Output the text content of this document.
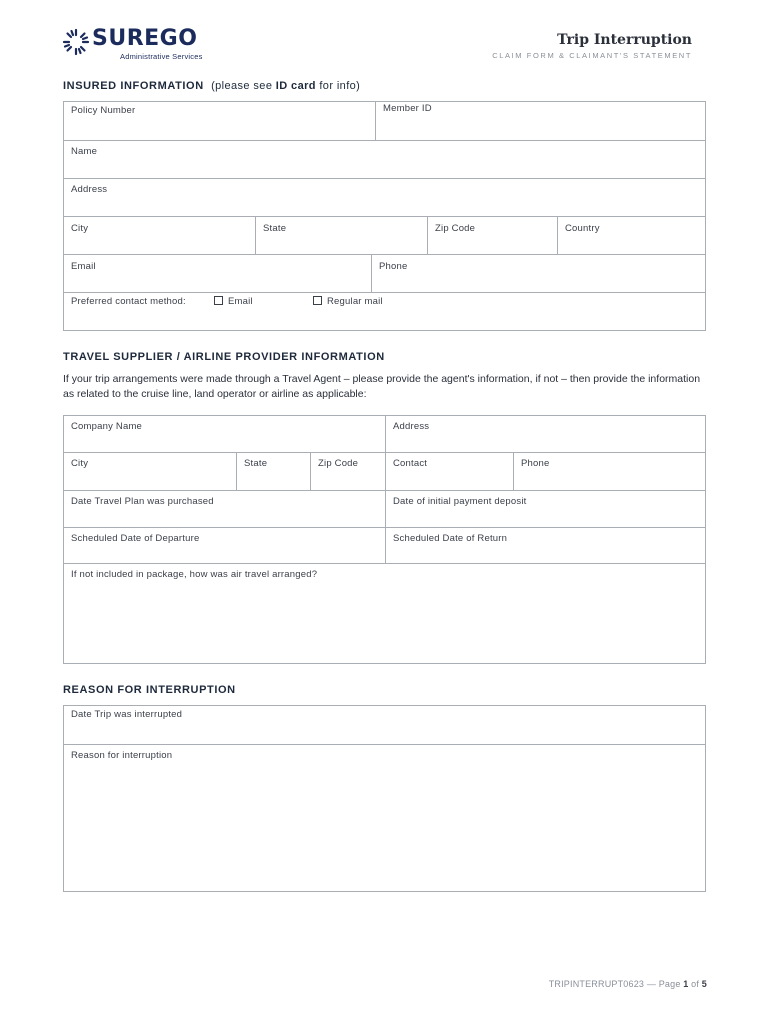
SUREGO
Administrative Services
Trip Interruption
CLAIM FORM & CLAIMANT'S STATEMENT
INSURED INFORMATION (please see ID card for info)
Policy Number	Member ID
Name
Address
City	State	Zip Code	Country
Email	Phone
Preferred contact method:	Email	Regular mail
TRAVEL SUPPLIER / AIRLINE PROVIDER INFORMATION
If your trip arrangements were made through a Travel Agent – please provide the agent's information, if not – then provide the information as related to the cruise line, land operator or airline as applicable:
Company Name	Address
City	State	Zip Code	Contact	Phone
Date Travel Plan was purchased	Date of initial payment deposit
Scheduled Date of Departure	Scheduled Date of Return
If not included in package, how was air travel arranged?
REASON FOR INTERRUPTION
Date Trip was interrupted
Reason for interruption
TRIPINTERRUPT0623 — Page 1 of 5
